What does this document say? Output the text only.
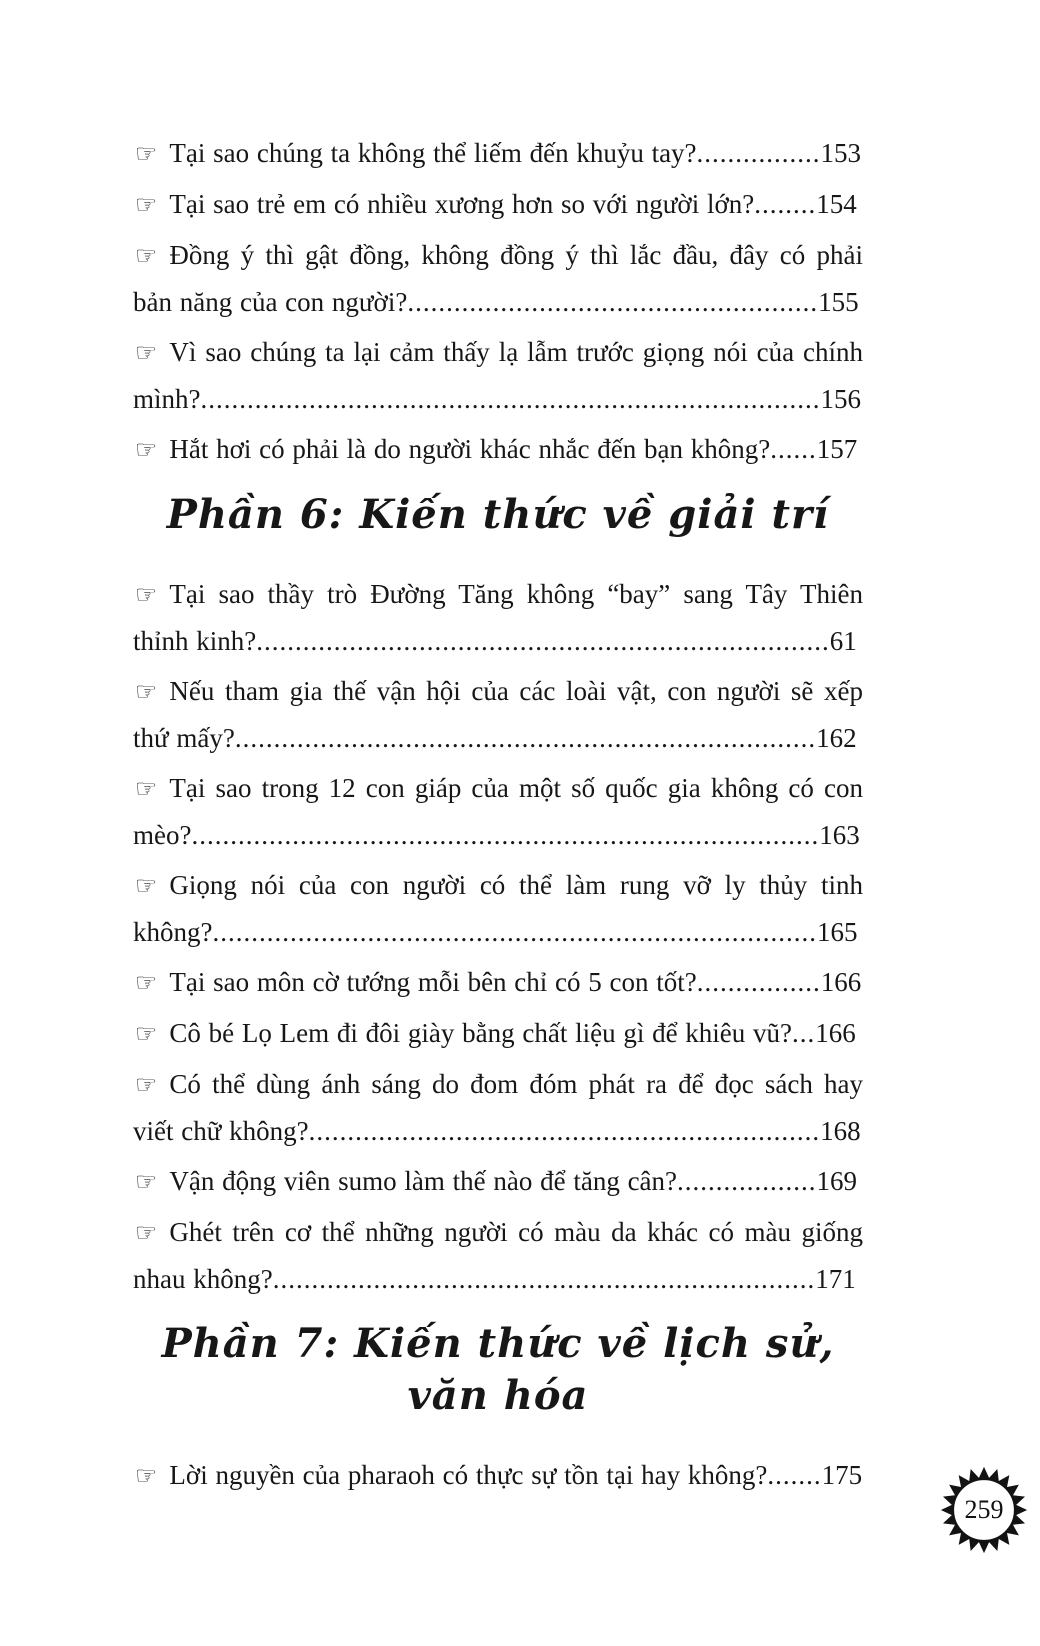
☞ Tại sao chúng ta không thể liếm đến khuỷu tay?................153

☞ Tại sao trẻ em có nhiều xương hơn so với người lớn?........154

☞ Đồng ý thì gật đồng, không đồng ý thì lắc đầu, đây có phải bản năng của con người?.....................................................155

☞ Vì sao chúng ta lại cảm thấy lạ lẫm trước giọng nói của chính mình?................................................................................156

☞ Hắt hơi có phải là do người khác nhắc đến bạn không?......157

Phần 6: Kiến thức về giải trí

☞ Tại sao thầy trò Đường Tăng không “bay” sang Tây Thiên thỉnh kinh?..........................................................................61

☞ Nếu tham gia thế vận hội của các loài vật, con người sẽ xếp thứ mấy?...........................................................................162

☞ Tại sao trong 12 con giáp của một số quốc gia không có con mèo?.................................................................................163

☞ Giọng nói của con người có thể làm rung vỡ ly thủy tinh không?..............................................................................165

☞ Tại sao môn cờ tướng mỗi bên chỉ có 5 con tốt?................166

☞ Cô bé Lọ Lem đi đôi giày bằng chất liệu gì để khiêu vũ?...166

☞ Có thể dùng ánh sáng do đom đóm phát ra để đọc sách hay viết chữ không?..................................................................168

☞ Vận động viên sumo làm thế nào để tăng cân?..................169

☞ Ghét trên cơ thể những người có màu da khác có màu giống nhau không?......................................................................171

Phần 7: Kiến thức về lịch sử, văn hóa

☞ Lời nguyền của pharaoh có thực sự tồn tại hay không?.......175

259
